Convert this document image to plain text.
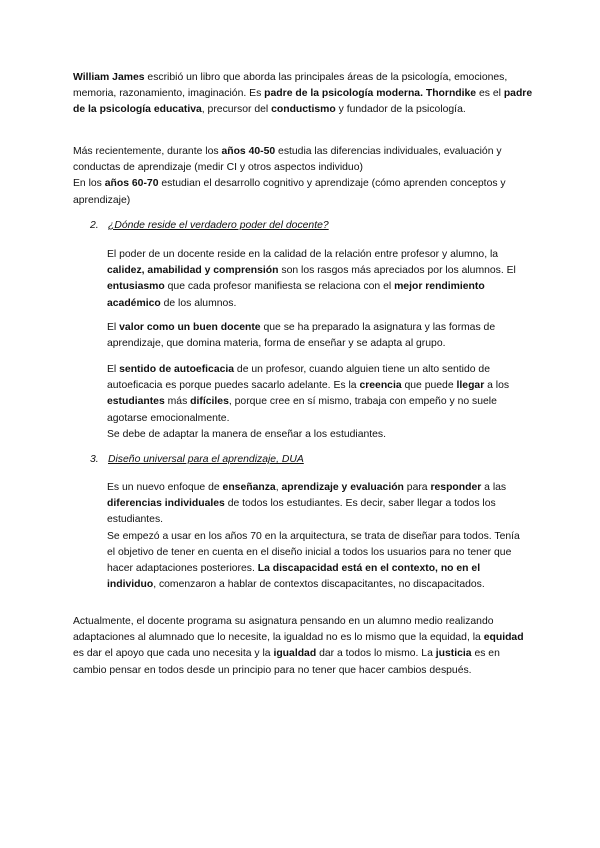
William James escribió un libro que aborda las principales áreas de la psicología, emociones, memoria, razonamiento, imaginación. Es padre de la psicología moderna. Thorndike es el padre de la psicología educativa, precursor del conductismo y fundador de la psicología.

Más recientemente, durante los años 40-50 estudia las diferencias individuales, evaluación y conductas de aprendizaje (medir CI y otros aspectos individuo)
En los años 60-70 estudian el desarrollo cognitivo y aprendizaje (cómo aprenden conceptos y aprendizaje)

2. ¿Dónde reside el verdadero poder del docente?

El poder de un docente reside en la calidad de la relación entre profesor y alumno, la calidez, amabilidad y comprensión son los rasgos más apreciados por los alumnos. El entusiasmo que cada profesor manifiesta se relaciona con el mejor rendimiento académico de los alumnos.

El valor como un buen docente que se ha preparado la asignatura y las formas de aprendizaje, que domina materia, forma de enseñar y se adapta al grupo.

El sentido de autoeficacia de un profesor, cuando alguien tiene un alto sentido de autoeficacia es porque puedes sacarlo adelante. Es la creencia que puede llegar a los estudiantes más difíciles, porque cree en sí mismo, trabaja con empeño y no suele agotarse emocionalmente.
Se debe de adaptar la manera de enseñar a los estudiantes.

3. Diseño universal para el aprendizaje, DUA

Es un nuevo enfoque de enseñanza, aprendizaje y evaluación para responder a las diferencias individuales de todos los estudiantes. Es decir, saber llegar a todos los estudiantes.
Se empezó a usar en los años 70 en la arquitectura, se trata de diseñar para todos. Tenía el objetivo de tener en cuenta en el diseño inicial a todos los usuarios para no tener que hacer adaptaciones posteriores. La discapacidad está en el contexto, no en el individuo, comenzaron a hablar de contextos discapacitantes, no discapacitados.

Actualmente, el docente programa su asignatura pensando en un alumno medio realizando adaptaciones al alumnado que lo necesite, la igualdad no es lo mismo que la equidad, la equidad es dar el apoyo que cada uno necesita y la igualdad dar a todos lo mismo. La justicia es en cambio pensar en todos desde un principio para no tener que hacer cambios después.
